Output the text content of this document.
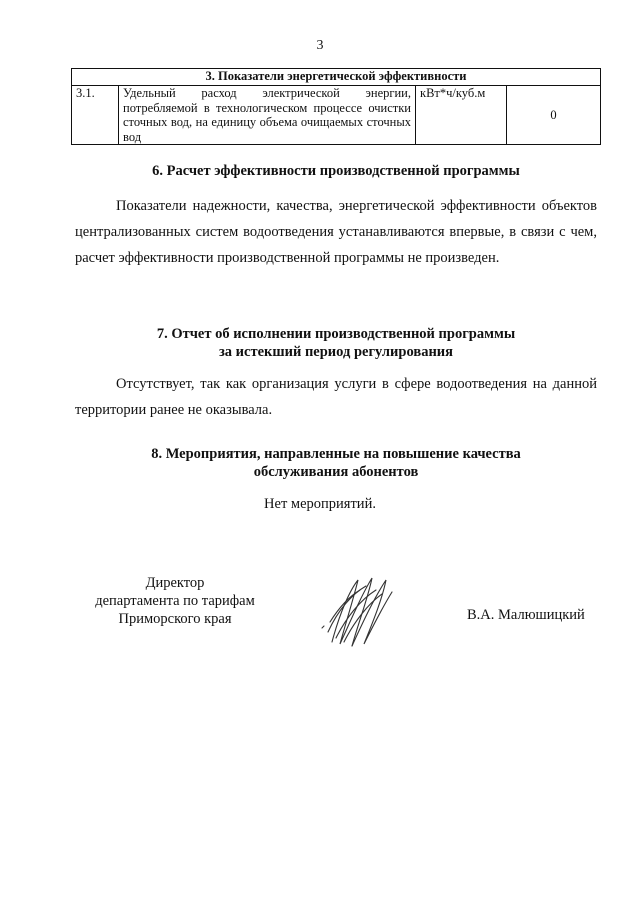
3
3. Показатели энергетической эффективности
3.1.	Удельный расход электрической энергии, потребляемой в технологическом процессе очистки сточных вод, на единицу объема очищаемых сточных вод	кВт*ч/куб.м	0
6. Расчет эффективности производственной программы

Показатели надежности, качества, энергетической эффективности объектов централизованных систем водоотведения устанавливаются впервые, в связи с чем, расчет эффективности производственной программы не произведен.

7. Отчет об исполнении производственной программы
за истекший период регулирования

Отсутствует, так как организация услуги в сфере водоотведения на данной территории ранее не оказывала.

8. Мероприятия, направленные на повышение качества
обслуживания абонентов

Нет мероприятий.

Директор
департамента по тарифам
Приморского края	В.А. Малюшицкий
